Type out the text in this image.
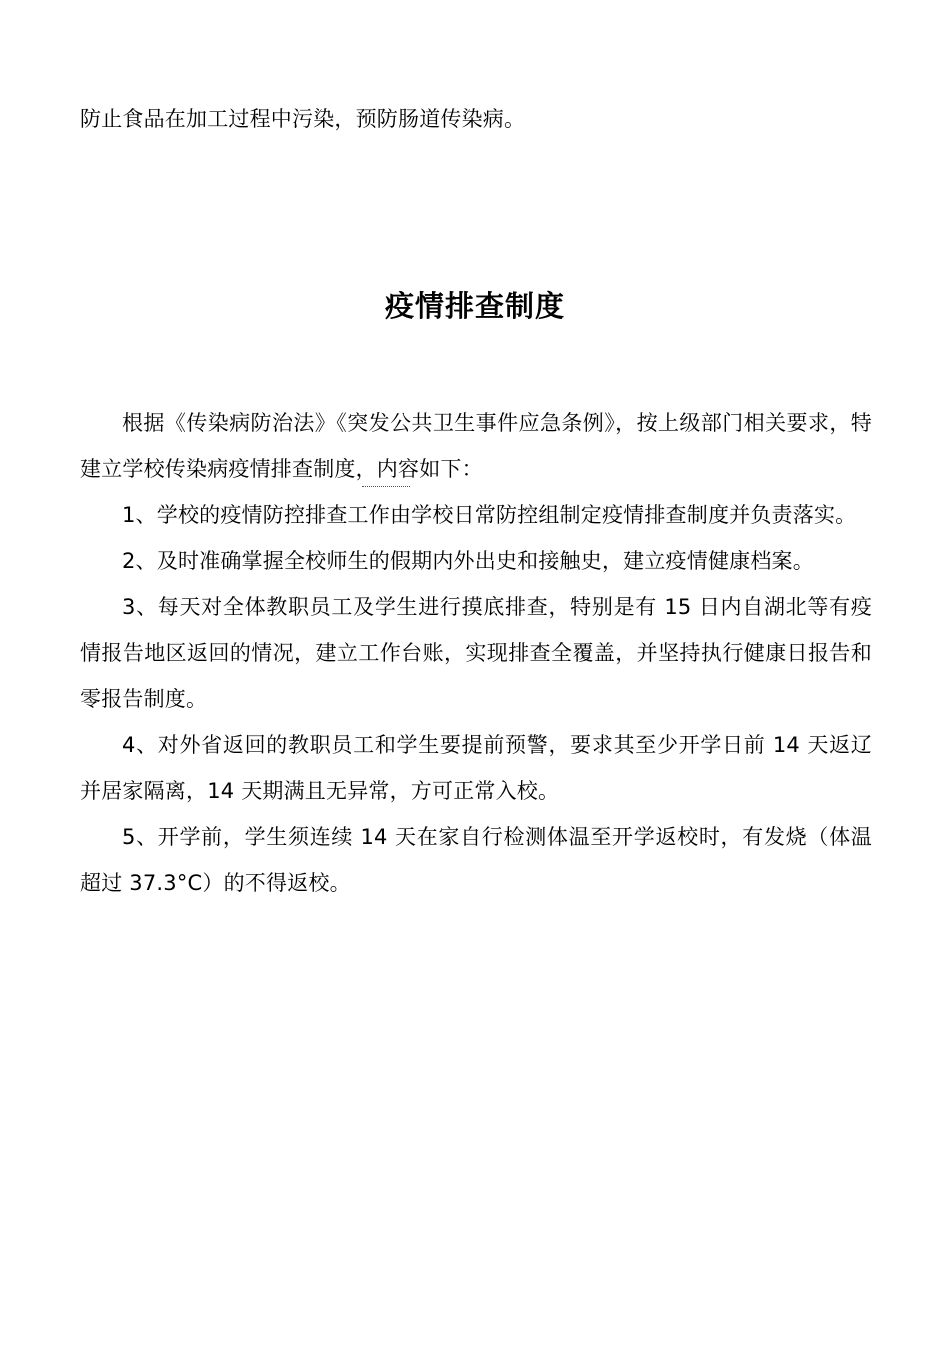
防止食品在加工过程中污染，预防肠道传染病。
疫情排查制度

根据《传染病防治法》《突发公共卫生事件应急条例》，按上级部门相关要求，特建立学校传染病疫情排查制度，内容如下：

1、学校的疫情防控排查工作由学校日常防控组制定疫情排查制度并负责落实。

2、及时准确掌握全校师生的假期内外出史和接触史，建立疫情健康档案。

3、每天对全体教职员工及学生进行摸底排查，特别是有 15 日内自湖北等有疫情报告地区返回的情况，建立工作台账，实现排查全覆盖，并坚持执行健康日报告和零报告制度。

4、对外省返回的教职员工和学生要提前预警，要求其至少开学日前 14 天返辽并居家隔离，14 天期满且无异常，方可正常入校。

5、开学前，学生须连续 14 天在家自行检测体温至开学返校时，有发烧（体温超过 37.3°C）的不得返校。
